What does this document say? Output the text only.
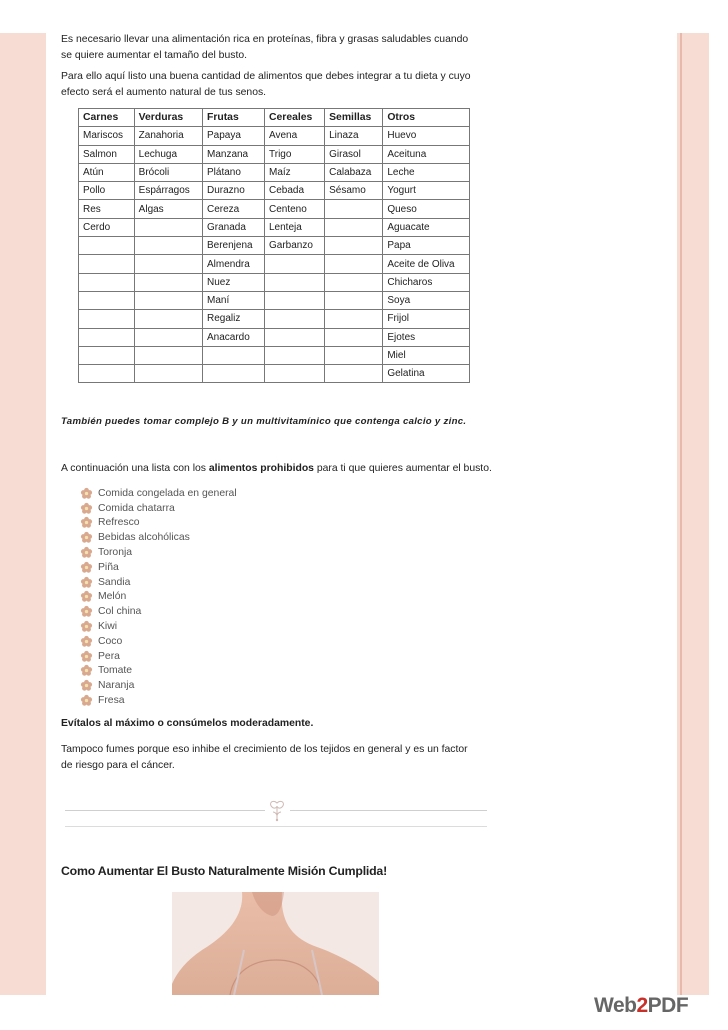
Es necesario llevar una alimentación rica en proteínas, fibra y grasas saludables cuando
se quiere aumentar el tamaño del busto.

Para ello aquí listo una buena cantidad de alimentos que debes integrar a tu dieta y cuyo
efecto será el aumento natural de tus senos.

Carnes	Verduras	Frutas	Cereales	Semillas	Otros
Mariscos	Zanahoria	Papaya	Avena	Linaza	Huevo
Salmon	Lechuga	Manzana	Trigo	Girasol	Aceituna
Atún	Brócoli	Plátano	Maíz	Calabaza	Leche
Pollo	Espárragos	Durazno	Cebada	Sésamo	Yogurt
Res	Algas	Cereza	Centeno		Queso
Cerdo		Granada	Lenteja		Aguacate
		Berenjena	Garbanzo		Papa
		Almendra			Aceite de Oliva
		Nuez			Chicharos
		Maní			Soya
		Regaliz			Frijol
		Anacardo			Ejotes
					Miel
					Gelatina
También puedes tomar complejo B y un multivitamínico que contenga calcio y zinc.

A continuación una lista con los alimentos prohibidos para ti que quieres aumentar el busto.

Comida congelada en general
Comida chatarra
Refresco
Bebidas alcohólicas
Toronja
Piña
Sandia
Melón
Col china
Kiwi
Coco
Pera
Tomate
Naranja
Fresa

Evítalos al máximo o consúmelos moderadamente.

Tampoco fumes porque eso inhibe el crecimiento de los tejidos en general y es un factor
de riesgo para el cáncer.

Como Aumentar El Busto Naturalmente Misión Cumplida!
Web2PDF
